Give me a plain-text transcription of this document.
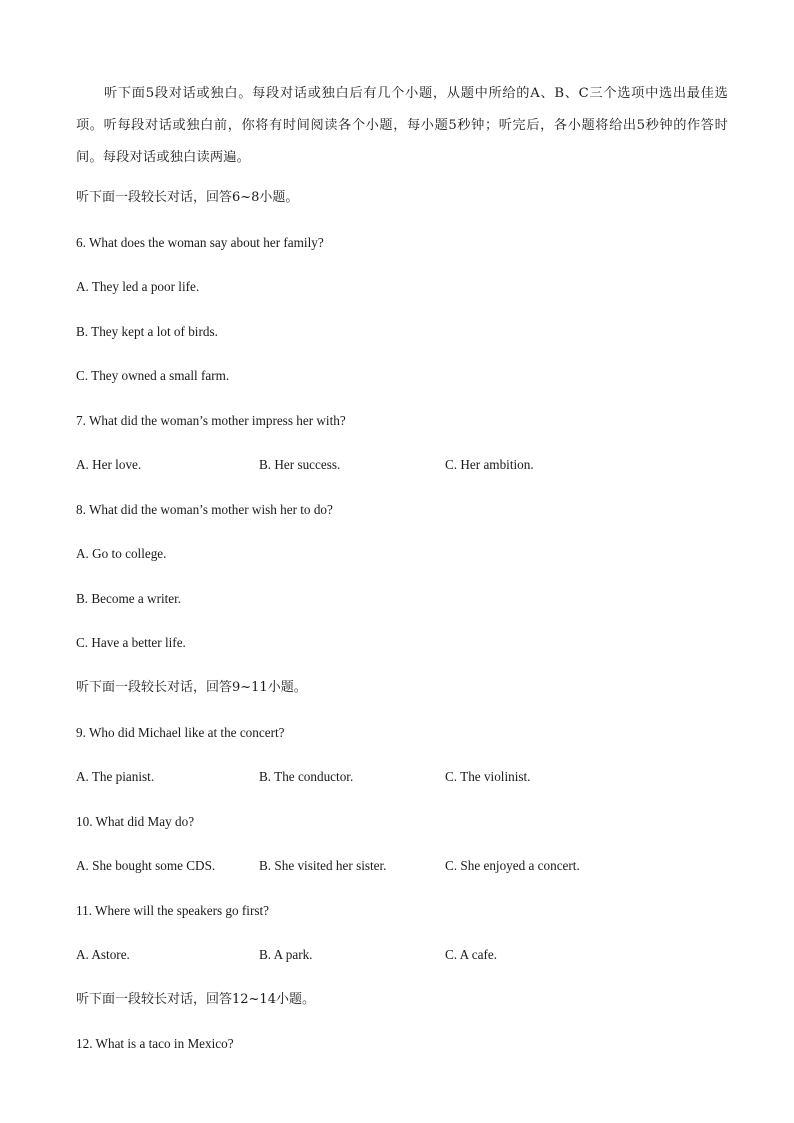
听下面5段对话或独白。每段对话或独白后有几个小题，从题中所给的A、B、C三个选项中选出最佳选项。听每段对话或独白前，你将有时间阅读各个小题，每小题5秒钟；听完后，各小题将给出5秒钟的作答时间。每段对话或独白读两遍。
听下面一段较长对话，回答6~8小题。
6. What does the woman say about her family?
A. They led a poor life.
B. They kept a lot of birds.
C. They owned a small farm.
7. What did the woman’s mother impress her with?
A. Her love.	B. Her success.	C. Her ambition.
8. What did the woman’s mother wish her to do?
A. Go to college.
B. Become a writer.
C. Have a better life.
听下面一段较长对话，回答9~11小题。
9. Who did Michael like at the concert?
A. The pianist.	B. The conductor.	C. The violinist.
10. What did May do?
A. She bought some CDS.	B. She visited her sister.	C. She enjoyed a concert.
11. Where will the speakers go first?
A. Astore.	B. A park.	C. A cafe.
听下面一段较长对话，回答12~14小题。
12. What is a taco in Mexico?
